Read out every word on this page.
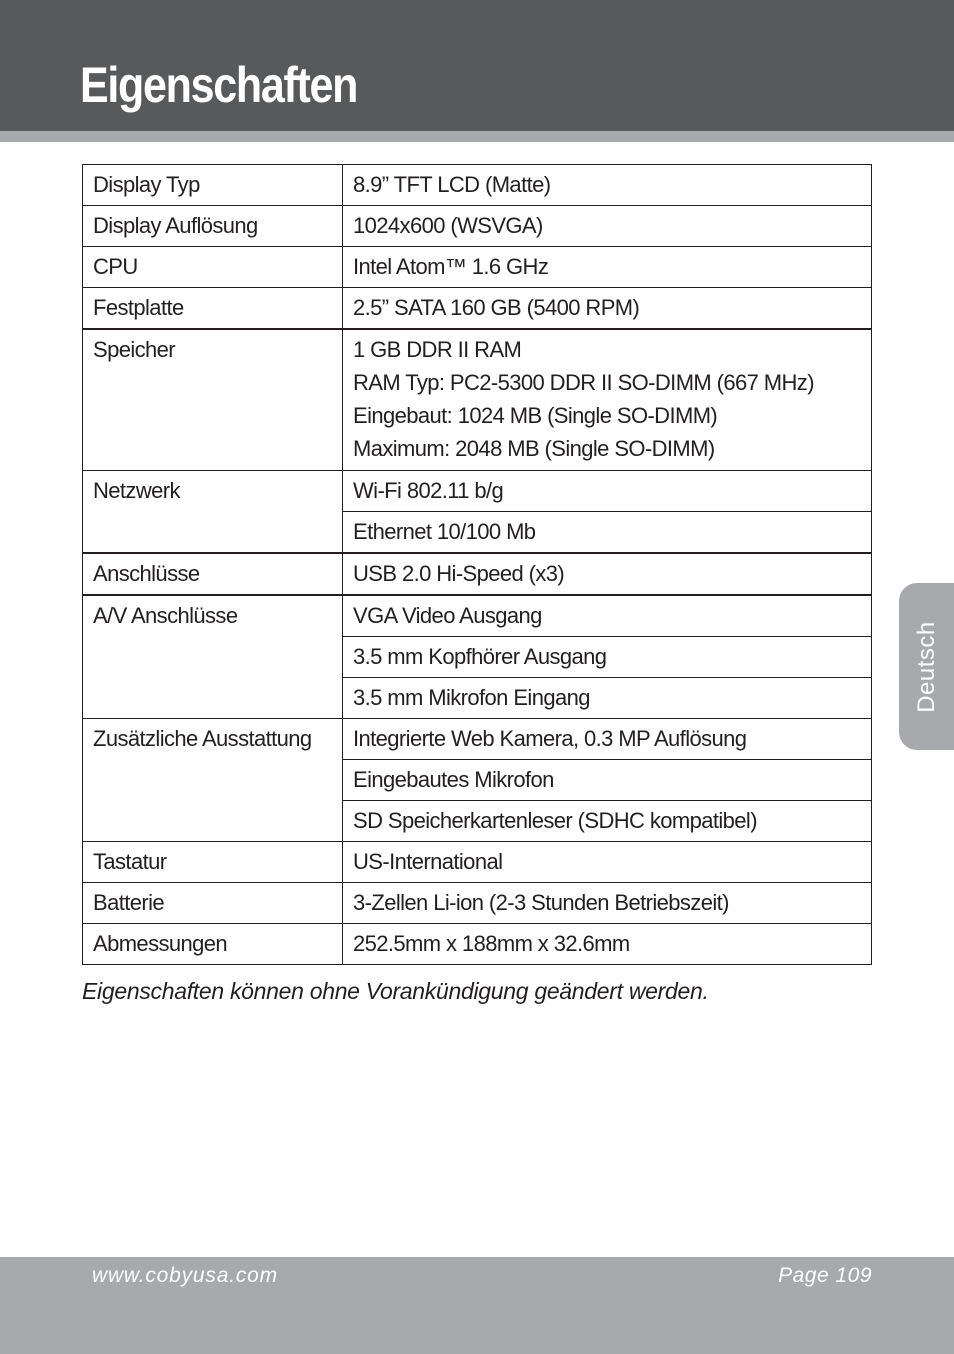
Eigenschaften
Display Typ	8.9” TFT LCD (Matte)
Display Auflösung	1024x600 (WSVGA)
CPU	Intel Atom™ 1.6 GHz
Festplatte	2.5” SATA 160 GB (5400 RPM)
Speicher	1 GB DDR II RAM
RAM Typ: PC2-5300 DDR II SO-DIMM (667 MHz)
Eingebaut: 1024 MB (Single SO-DIMM)
Maximum: 2048 MB (Single SO-DIMM)

Netzwerk	Wi-Fi 802.11 b/g
	Ethernet 10/100 Mb
Anschlüsse	USB 2.0 Hi-Speed (x3)
A/V Anschlüsse	VGA Video Ausgang
	3.5 mm Kopfhörer Ausgang
	3.5 mm Mikrofon Eingang
Zusätzliche Ausstattung	Integrierte Web Kamera, 0.3 MP Auflösung
	Eingebautes Mikrofon
	SD Speicherkartenleser (SDHC kompatibel)
Tastatur	US-International
Batterie	3-Zellen Li-ion (2-3 Stunden Betriebszeit)
Abmessungen	252.5mm x 188mm x 32.6mm
Eigenschaften können ohne Vorankündigung geändert werden.
Deutsch
www.cobyusa.com	Page 109
